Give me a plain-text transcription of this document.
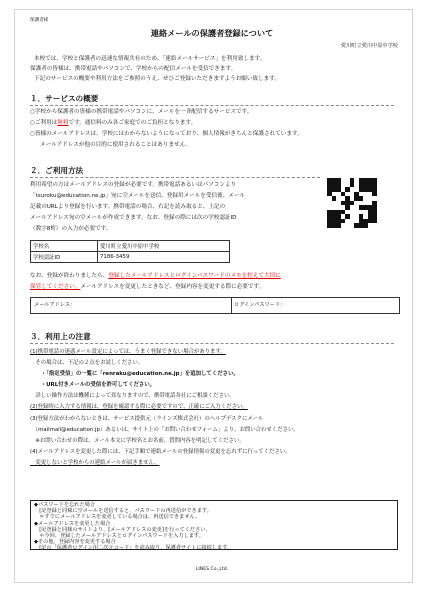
保護者様
連絡メールの保護者登録について
愛川町立愛川中原中学校
本校では、学校と保護者の迅速な情報共有のため、「連絡メールサービス」を利用致します。
保護者の皆様は、携帯電話やパソコンで、学校からの配信メールを受信できます。
下記のサービスの概要や利用方法をご参照のうえ、ぜひご登録いただきますようお願い致します。
１．サービスの概要
○学校から保護者の皆様の携帯電話やパソコンに、メールを一斉配信するサービスです。
○ご利用は無料です。通信料のみ各ご家庭でのご負担となります。
○皆様のメールアドレスは、学校にはわからないようになっており、個人情報がきちんと保護されています。
メールアドレスが他の目的に使用されることはありません。
２．ご利用方法
利用希望の方はメールアドレスの登録が必要です。携帯電話あるいはパソコンより
「tsuroku@education.ne.jp」宛に空メールを送信、登録用メールを受信後、メール
記載のURLより登録を行います。携帯電話の場合、右記を読み取ると、上記の
メールアドレス宛の空メールが作成できます。なお、登録の際には次の学校認証ID
（数字8桁）の入力が必要です。
学校名	愛川町立愛川中原中学校
学校認証ID	7186-3459
なお、登録が終わりましたら、登録したメールアドレスとログインパスワードのメモを控えて大切に
保管してください。メールアドレスを変更したときなど、登録内容を変更する際に必要です。
メールアドレス：	ログインパスワード：
３．利用上の注意
(1)携帯電話の迷惑メール設定によっては、うまく登録できない場合があります。
　その場合は、下記の２点をお試しください。
　　・「指定受信」の一覧に「renraku@education.ne.jp」を追加してください。
　　・URL付きメールの受信を許可してください。
　詳しい操作方法は機種によって異なりますので、携帯電話各社にご相談ください。
(2)登録時に入力する情報は、登録を確認する際に必要ですので、正確にご入力ください。
(3)登録方法がわからないときは、サービス提供元（ラインズ株式会社）のヘルプデスクにメール
　（mailmail@education.jp）あるいは、サイト上の「お問い合わせフォーム」より、お問い合わせください。
　※お問い合わせの際は、メール本文に学校名とお名前、質問内容を明記してください。
(4)メールアドレスを変更した際には、下記手順で連絡メールの登録情報の変更を忘れずに行ってください。
　変更しないと学校からの連絡メールが届きません。
◆パスワードを忘れた場合
　[記登録と同様に空メールを送信すると、パスワードの再送信ができます。
　＊すでにメールアドレスを変更している場合は、再送信できません。
◆メールアドレスを変更した場合
　[記登録と同様のサイトより、[メールアドレスの変更]を行ってください。
　＊今回、登録したメールアドレスとログインパスワードを入力します。
◆その他、登録内容を変更する場合
　[記の「保護者ログイン用二次元コード」を読み取り、保護者サイトに接続します。
LINES Co.,Ltd.
